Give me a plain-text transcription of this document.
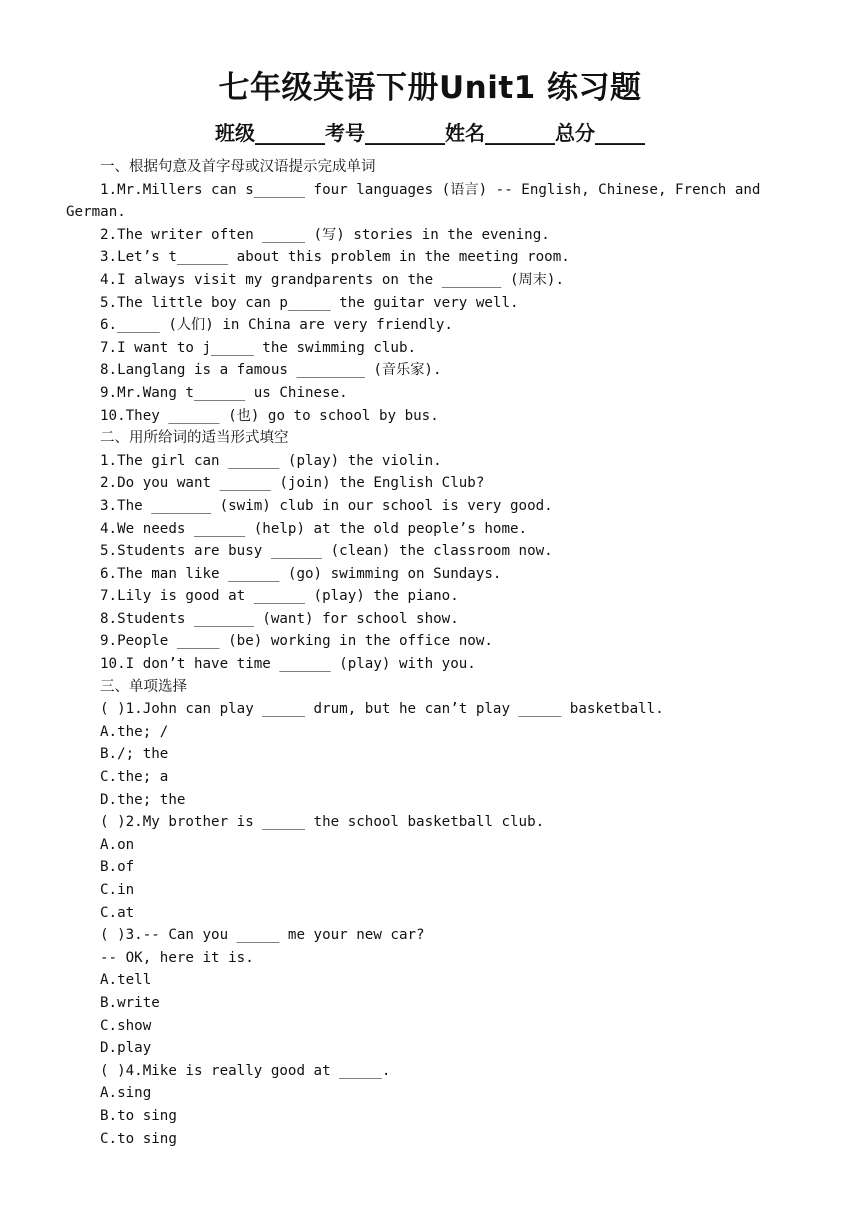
七年级英语下册Unit1 练习题
班级_______考号________姓名_______总分_____
一、根据句意及首字母或汉语提示完成单词
1.Mr.Millers can s______ four languages (语言) -- English, Chinese, French and German.
2.The writer often _____ (写) stories in the evening.
3.Let’s t______ about this problem in the meeting room.
4.I always visit my grandparents on the _______ (周末).
5.The little boy can p_____ the guitar very well.
6._____ (人们) in China are very friendly.
7.I want to j_____ the swimming club.
8.Langlang is a famous ________ (音乐家).
9.Mr.Wang t______ us Chinese.
10.They ______ (也) go to school by bus.
二、用所给词的适当形式填空
1.The girl can ______ (play) the violin.
2.Do you want ______ (join) the English Club?
3.The _______ (swim) club in our school is very good.
4.We needs ______ (help) at the old people’s home.
5.Students are busy ______ (clean) the classroom now.
6.The man like ______ (go) swimming on Sundays.
7.Lily is good at ______ (play) the piano.
8.Students _______ (want) for school show.
9.People _____ (be) working in the office now.
10.I don’t have time ______ (play) with you.
三、单项选择
( )1.John can play _____ drum, but he can’t play _____ basketball.
A.the; /
B./; the
C.the; a
D.the; the
( )2.My brother is _____ the school basketball club.
A.on
B.of
C.in
C.at
( )3.-- Can you _____ me your new car?
-- OK, here it is.
A.tell
B.write
C.show
D.play
( )4.Mike is really good at _____.
A.sing
B.to sing
C.to sing
